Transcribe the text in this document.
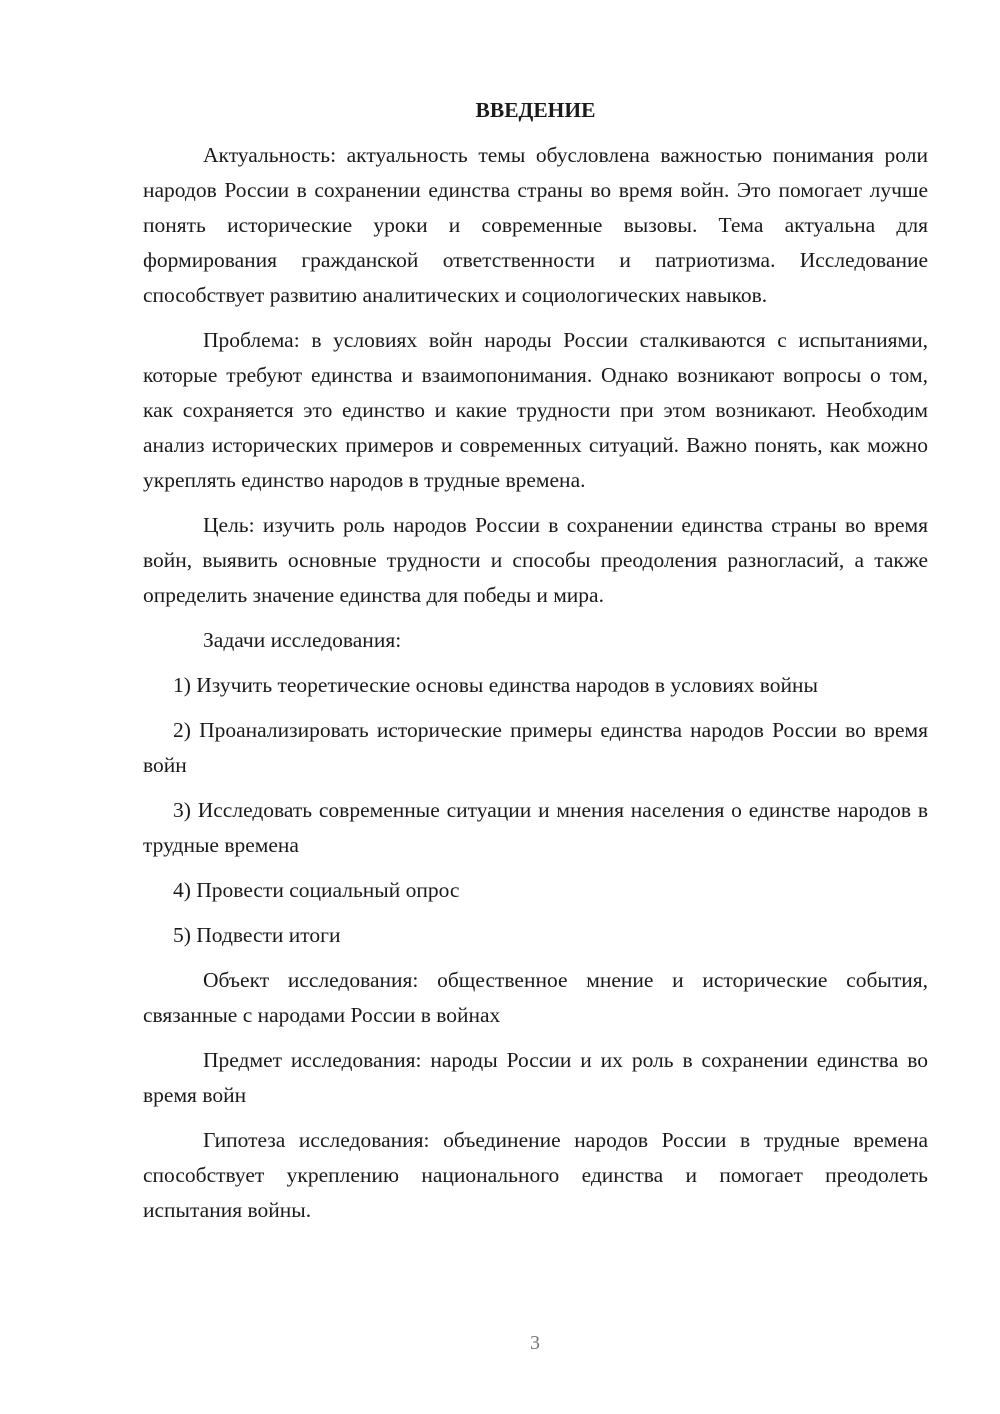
ВВЕДЕНИЕ

Актуальность: актуальность темы обусловлена важностью понимания роли народов России в сохранении единства страны во время войн. Это помогает лучше понять исторические уроки и современные вызовы. Тема актуальна для формирования гражданской ответственности и патриотизма. Исследование способствует развитию аналитических и социологических навыков.

Проблема: в условиях войн народы России сталкиваются с испытаниями, которые требуют единства и взаимопонимания. Однако возникают вопросы о том, как сохраняется это единство и какие трудности при этом возникают. Необходим анализ исторических примеров и современных ситуаций. Важно понять, как можно укреплять единство народов в трудные времена.

Цель: изучить роль народов России в сохранении единства страны во время войн, выявить основные трудности и способы преодоления разногласий, а также определить значение единства для победы и мира.

Задачи исследования:

1) Изучить теоретические основы единства народов в условиях войны

2) Проанализировать исторические примеры единства народов России во время войн

3) Исследовать современные ситуации и мнения населения о единстве народов в трудные времена

4) Провести социальный опрос

5) Подвести итоги

Объект исследования: общественное мнение и исторические события, связанные с народами России в войнах

Предмет исследования: народы России и их роль в сохранении единства во время войн

Гипотеза исследования: объединение народов России в трудные времена способствует укреплению национального единства и помогает преодолеть испытания войны.

3
